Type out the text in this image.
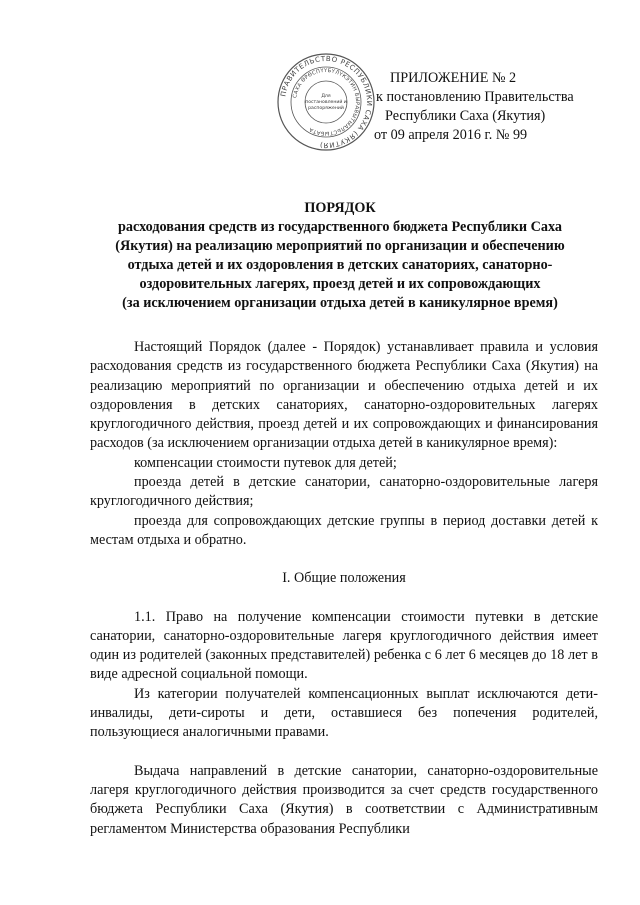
ПРАВИТЕЛЬСТВО РЕСПУБЛИКИ САХА (ЯКУТИЯ)
САХА ӨРӨСПҮҮБҮЛҮКЭТИН БЫРАВЫТЫАЛЬСТЫБАТА
Для
постановлений и
распоряжений
ПРИЛОЖЕНИЕ № 2
к постановлению Правительства
Республики Саха (Якутия)
от 09 апреля 2016 г. № 99
ПОРЯДОК
расходования средств из государственного бюджета Республики Саха
(Якутия) на реализацию мероприятий по организации и обеспечению
отдыха детей и их оздоровления в детских санаториях, санаторно-
оздоровительных лагерях, проезд детей и их сопровождающих
(за исключением организации отдыха детей в каникулярное время)

Настоящий Порядок (далее - Порядок) устанавливает правила и условия расходования средств из государственного бюджета Республики Саха (Якутия) на реализацию мероприятий по организации и обеспечению отдыха детей и их оздоровления в детских санаториях, санаторно-оздоровительных лагерях круглогодичного действия, проезд детей и их сопровождающих и финансирования расходов (за исключением организации отдыха детей в каникулярное время):

компенсации стоимости путевок для детей;

проезда детей в детские санатории, санаторно-оздоровительные лагеря круглогодичного действия;

проезда для сопровождающих детские группы в период доставки детей к местам отдыха и обратно.

I. Общие положения

1.1. Право на получение компенсации стоимости путевки в детские санатории, санаторно-оздоровительные лагеря круглогодичного действия имеет один из родителей (законных представителей) ребенка с 6 лет 6 месяцев до 18 лет в виде адресной социальной помощи.

Из категории получателей компенсационных выплат исключаются дети-инвалиды, дети-сироты и дети, оставшиеся без попечения родителей, пользующиеся аналогичными правами.

Выдача направлений в детские санатории, санаторно-оздоровительные лагеря круглогодичного действия производится за счет средств государственного бюджета Республики Саха (Якутия) в соответствии с Административным регламентом Министерства образования Республики
